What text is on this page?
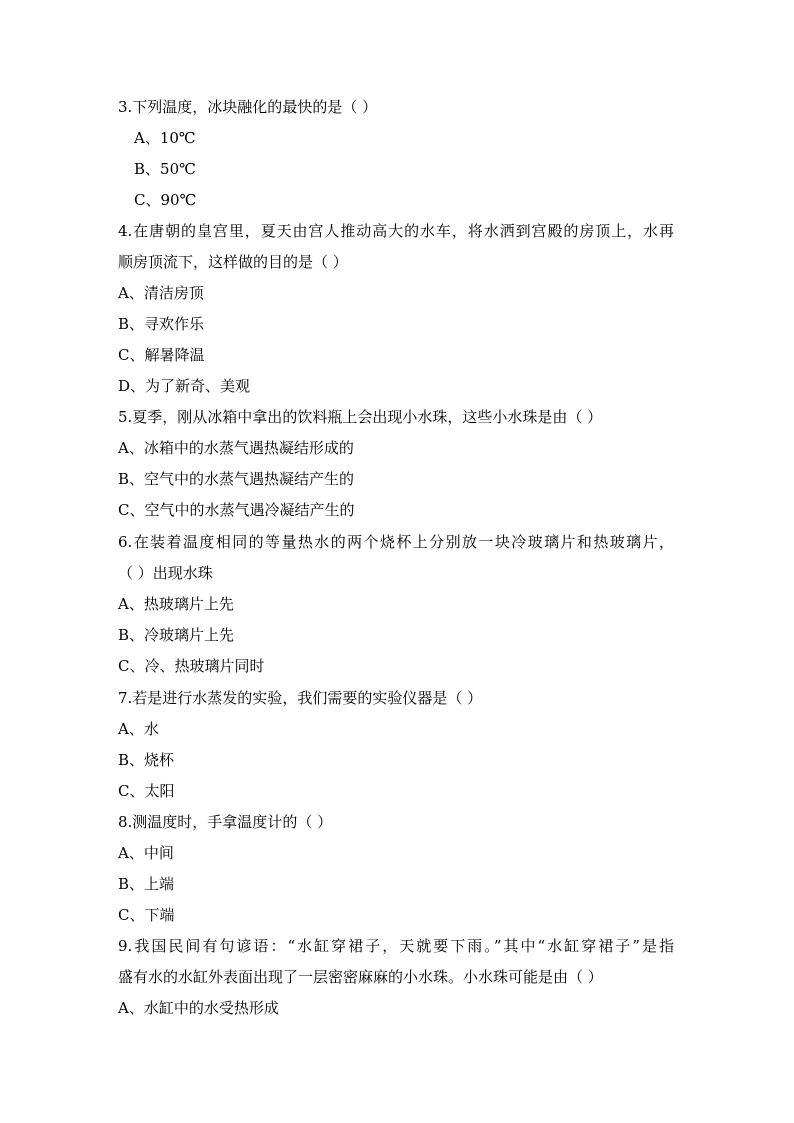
3.下列温度，冰块融化的最快的是（ ）
A、10℃
B、50℃
C、90℃
4.在唐朝的皇宫里，夏天由宫人推动高大的水车，将水洒到宫殿的房顶上，水再
顺房顶流下，这样做的目的是（ ）
A、清洁房顶
B、寻欢作乐
C、解暑降温
D、为了新奇、美观
5.夏季，刚从冰箱中拿出的饮料瓶上会出现小水珠，这些小水珠是由（ ）
A、冰箱中的水蒸气遇热凝结形成的
B、空气中的水蒸气遇热凝结产生的
C、空气中的水蒸气遇冷凝结产生的
6.在装着温度相同的等量热水的两个烧杯上分别放一块冷玻璃片和热玻璃片，
（ ）出现水珠
A、热玻璃片上先
B、冷玻璃片上先
C、冷、热玻璃片同时
7.若是进行水蒸发的实验，我们需要的实验仪器是（ ）
A、水
B、烧杯
C、太阳
8.测温度时，手拿温度计的（ ）
A、中间
B、上端
C、下端
9.我国民间有句谚语：“水缸穿裙子，天就要下雨。”其中“水缸穿裙子”是指
盛有水的水缸外表面出现了一层密密麻麻的小水珠。小水珠可能是由（ ）
A、水缸中的水受热形成
